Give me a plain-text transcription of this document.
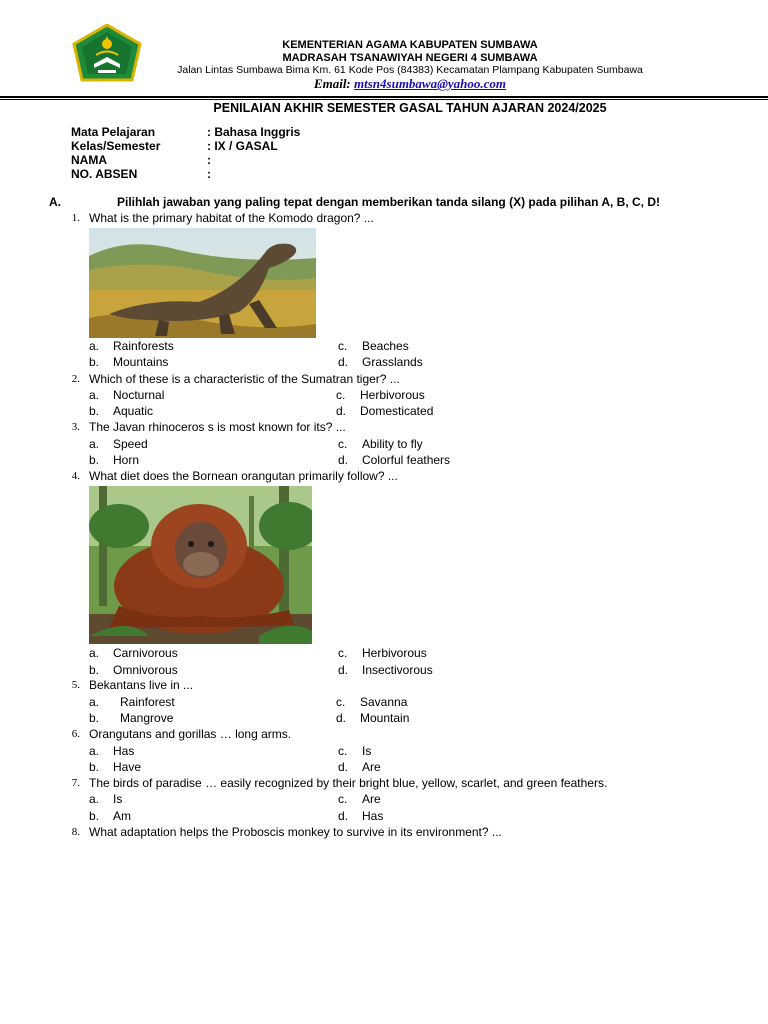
KEMENTERIAN AGAMA KABUPATEN SUMBAWA
MADRASAH TSANAWIYAH NEGERI 4 SUMBAWA
Jalan Lintas Sumbawa Bima Km. 61 Kode Pos (84383) Kecamatan Plampang Kabupaten Sumbawa
Email: mtsn4sumbawa@yahoo.com
PENILAIAN AKHIR SEMESTER GASAL TAHUN AJARAN 2024/2025
Mata Pelajaran	: Bahasa Inggris
Kelas/Semester	: IX / GASAL
NAMA	:
NO. ABSEN	:
A.	Pilihlah jawaban yang paling tepat dengan memberikan tanda silang (X) pada pilihan A, B, C, D!
1. What is the primary habitat of the Komodo dragon? ...
a. Rainforests
b. Mountains
c. Beaches
d. Grasslands
2. Which of these is a characteristic of the Sumatran tiger? ...
a. Nocturnal
b. Aquatic
c. Herbivorous
d. Domesticated
3. The Javan rhinoceros s is most known for its? ...
a. Speed
b. Horn
c. Ability to fly
d. Colorful feathers
4. What diet does the Bornean orangutan primarily follow? ...
a. Carnivorous
b. Omnivorous
c. Herbivorous
d. Insectivorous
5. Bekantans live in ...
a. Rainforest
b. Mangrove
c. Savanna
d. Mountain
6. Orangutans and gorillas … long arms.
a. Has
b. Have
c. Is
d. Are
7. The birds of paradise … easily recognized by their bright blue, yellow, scarlet, and green feathers.
a. Is
b. Am
c. Are
d. Has
8. What adaptation helps the Proboscis monkey to survive in its environment? ...
